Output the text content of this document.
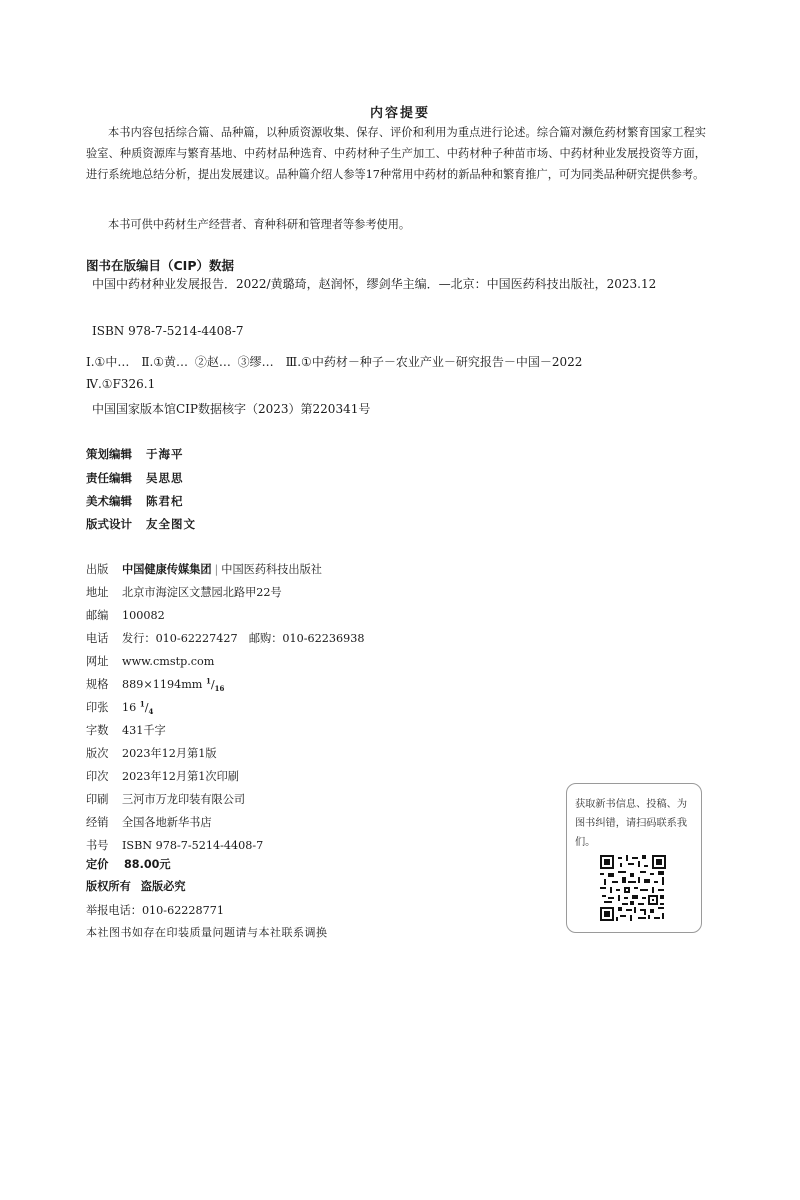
内容提要

本书内容包括综合篇、品种篇，以种质资源收集、保存、评价和利用为重点进行论述。综合篇对濒危药材繁育国家工程实验室、种质资源库与繁育基地、中药材品种选育、中药材种子生产加工、中药材种子种苗市场、中药材种业发展投资等方面，进行系统地总结分析，提出发展建议。品种篇介绍人参等17种常用中药材的新品种和繁育推广，可为同类品种研究提供参考。

本书可供中药材生产经营者、育种科研和管理者等参考使用。

图书在版编目（CIP）数据

中国中药材种业发展报告．2022/黄璐琦，赵润怀，缪剑华主编．—北京：中国医药科技出版社，2023.12

ISBN 978-7-5214-4408-7
Ⅰ.①中…　Ⅱ.①黄… ②赵… ③缪…　Ⅲ.①中药材－种子－农业产业－研究报告－中国－2022
Ⅳ.①F326.1
中国国家版本馆CIP数据核字（2023）第220341号
策划编辑 于海平
责任编辑 吴思思
美术编辑 陈君杞
版式设计 友全图文
出版 中国健康传媒集团 | 中国医药科技出版社
地址 北京市海淀区文慧园北路甲22号
邮编 100082
电话 发行：010-62227427　邮购：010-62236938
网址 www.cmstp.com
规格 889×1194mm $^1/_{16}$
印张 16 $^1/_4$
字数 431千字
版次 2023年12月第1版
印次 2023年12月第1次印刷
印刷 三河市万龙印装有限公司
经销 全国各地新华书店
书号 ISBN 978-7-5214-4408-7
定价 88.00元
版权所有 盗版必究
举报电话：010-62228771
本社图书如存在印装质量问题请与本社联系调换
获取新书信息、投稿、为图书纠错，请扫码联系我们。
